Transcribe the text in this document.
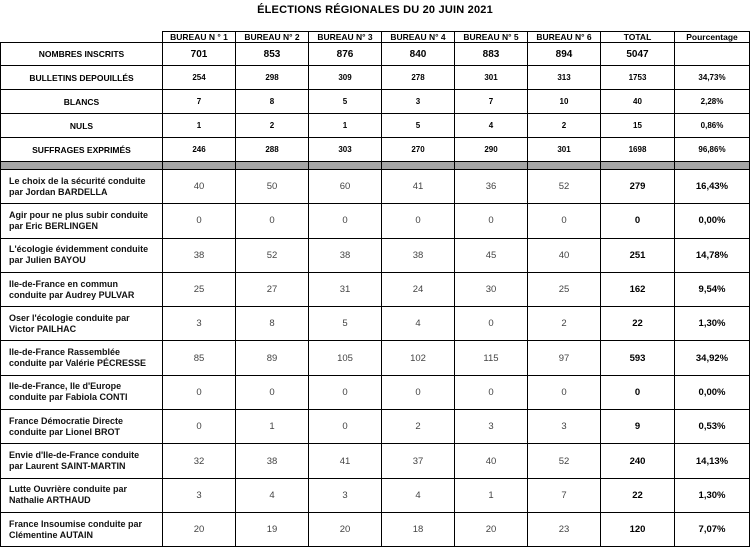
ÉLECTIONS RÉGIONALES DU 20 JUIN 2021
	BUREAU N ° 1	BUREAU N° 2	BUREAU N° 3	BUREAU N° 4	BUREAU N° 5	BUREAU N° 6	TOTAL	Pourcentage
NOMBRES INSCRITS	701	853	876	840	883	894	5047	
BULLETINS DEPOUILLÉS	254	298	309	278	301	313	1753	34,73%
BLANCS	7	8	5	3	7	10	40	2,28%
NULS	1	2	1	5	4	2	15	0,86%
SUFFRAGES EXPRIMÉS	246	288	303	270	290	301	1698	96,86%

Le choix de la sécurité conduite
par Jordan BARDELLA	40	50	60	41	36	52	279	16,43%

Agir pour ne plus subir conduite
par Eric BERLINGEN	0	0	0	0	0	0	0	0,00%

L'écologie évidemment conduite
par Julien BAYOU	38	52	38	38	45	40	251	14,78%

Ile-de-France en commun
conduite par Audrey PULVAR	25	27	31	24	30	25	162	9,54%

Oser l'écologie conduite par
Victor PAILHAC	3	8	5	4	0	2	22	1,30%

Ile-de-France Rassemblée
conduite par Valérie PÉCRESSE	85	89	105	102	115	97	593	34,92%

Ile-de-France, Ile d'Europe
conduite par Fabiola CONTI	0	0	0	0	0	0	0	0,00%

France Démocratie Directe
conduite par Lionel BROT	0	1	0	2	3	3	9	0,53%

Envie d'Ile-de-France conduite
par Laurent SAINT-MARTIN	32	38	41	37	40	52	240	14,13%

Lutte Ouvrière conduite par
Nathalie ARTHAUD	3	4	3	4	1	7	22	1,30%

France Insoumise conduite par
Clémentine AUTAIN	20	19	20	18	20	23	120	7,07%
